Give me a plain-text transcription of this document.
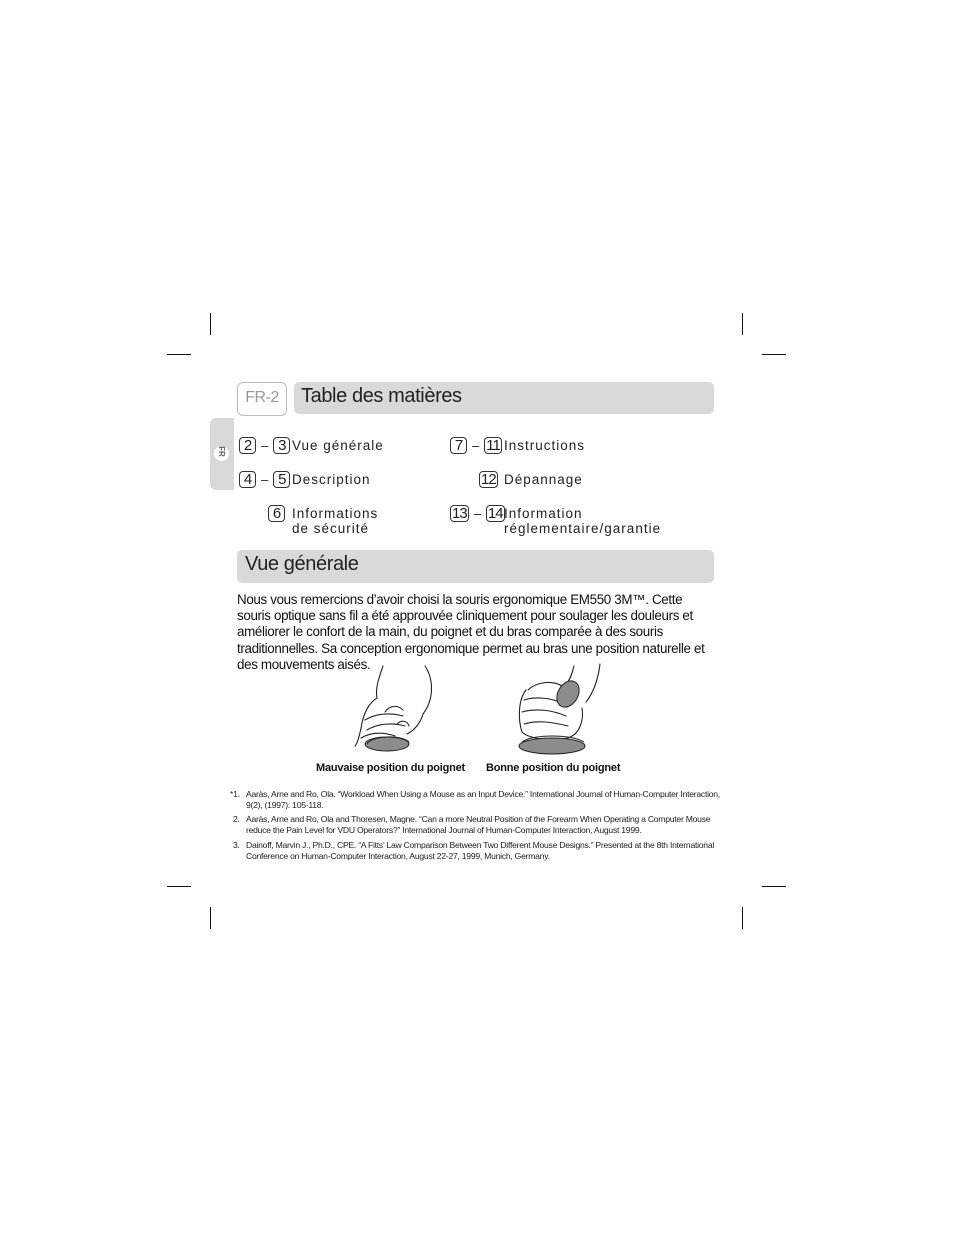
FR-2	Table des matières
FR	2 – 3 Vue générale
4 – 5 Description
6 Informations
de sécurité
7 – 11 Instructions
12 Dépannage
13 – 14 Information
réglementaire/garantie
Vue générale
Nous vous remercions d’avoir choisi la souris ergonomique EM550 3M™. Cette souris optique sans fil a été approuvée cliniquement pour soulager les douleurs et améliorer le confort de la main, du poignet et du bras comparée à des souris traditionnelles. Sa conception ergonomique permet au bras une position naturelle et des mouvements aisés.
Mauvaise position du poignet Bonne position du poignet
*1. Aaràs, Arne and Ro, Ola. “Workload When Using a Mouse as an Input Device.” International Journal of Human-Computer Interaction, 9(2), (1997): 105-118.
2. Aaràs, Arne and Ro, Ola and Thoresen, Magne. “Can a more Neutral Position of the Forearm When Operating a Computer Mouse reduce the Pain Level for VDU Operators?” International Journal of Human-Computer Interaction, August 1999.
3. Dainoff, Marvin J., Ph.D., CPE. “A Fitts’ Law Comparison Between Two Different Mouse Designs.” Presented at the 8th International Conference on Human-Computer Interaction, August 22-27, 1999, Munich, Germany.
